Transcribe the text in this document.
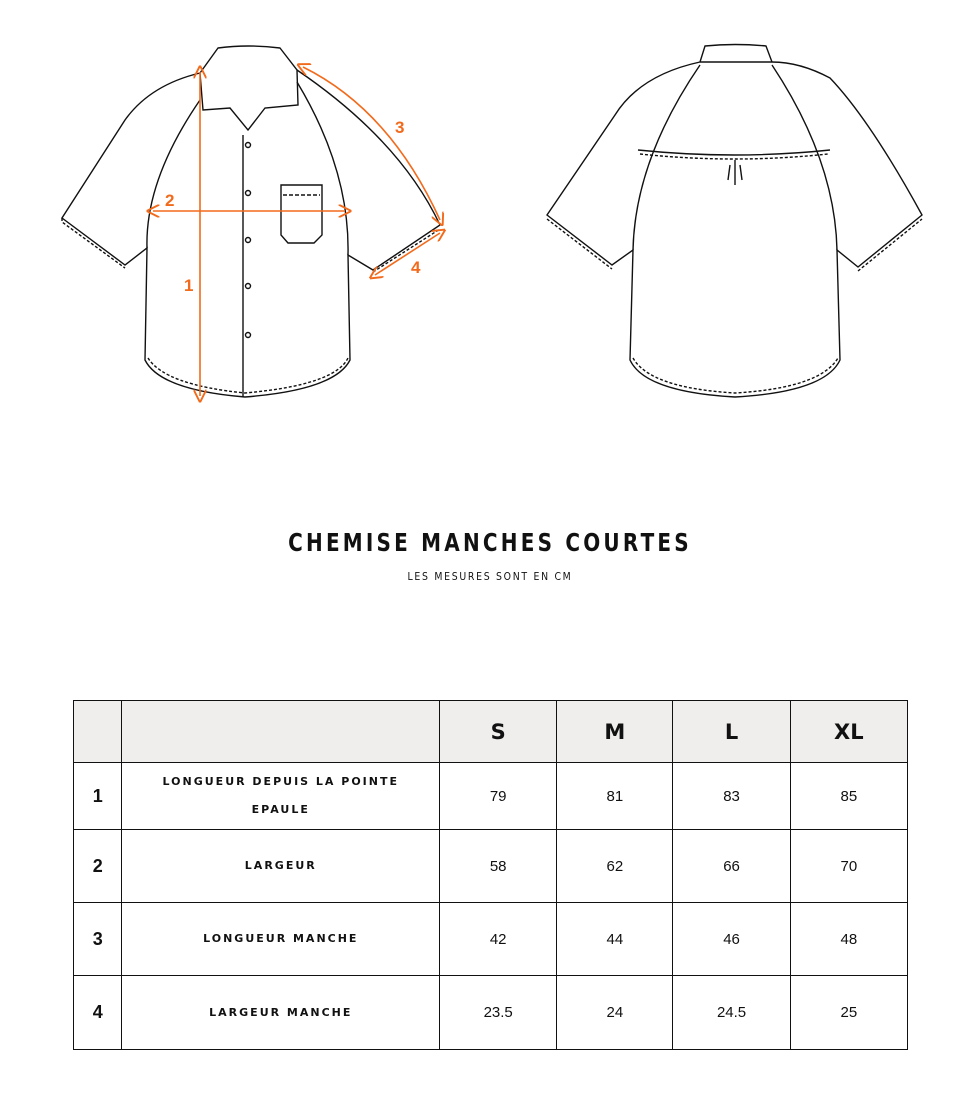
1
2
3
4
CHEMISE MANCHES COURTES
LES MESURES SONT EN CM
		S	M	L	XL
1	LONGUEUR DEPUIS LA POINTE EPAULE	79	81	83	85
2	LARGEUR	58	62	66	70
3	LONGUEUR MANCHE	42	44	46	48
4	LARGEUR MANCHE	23.5	24	24.5	25
